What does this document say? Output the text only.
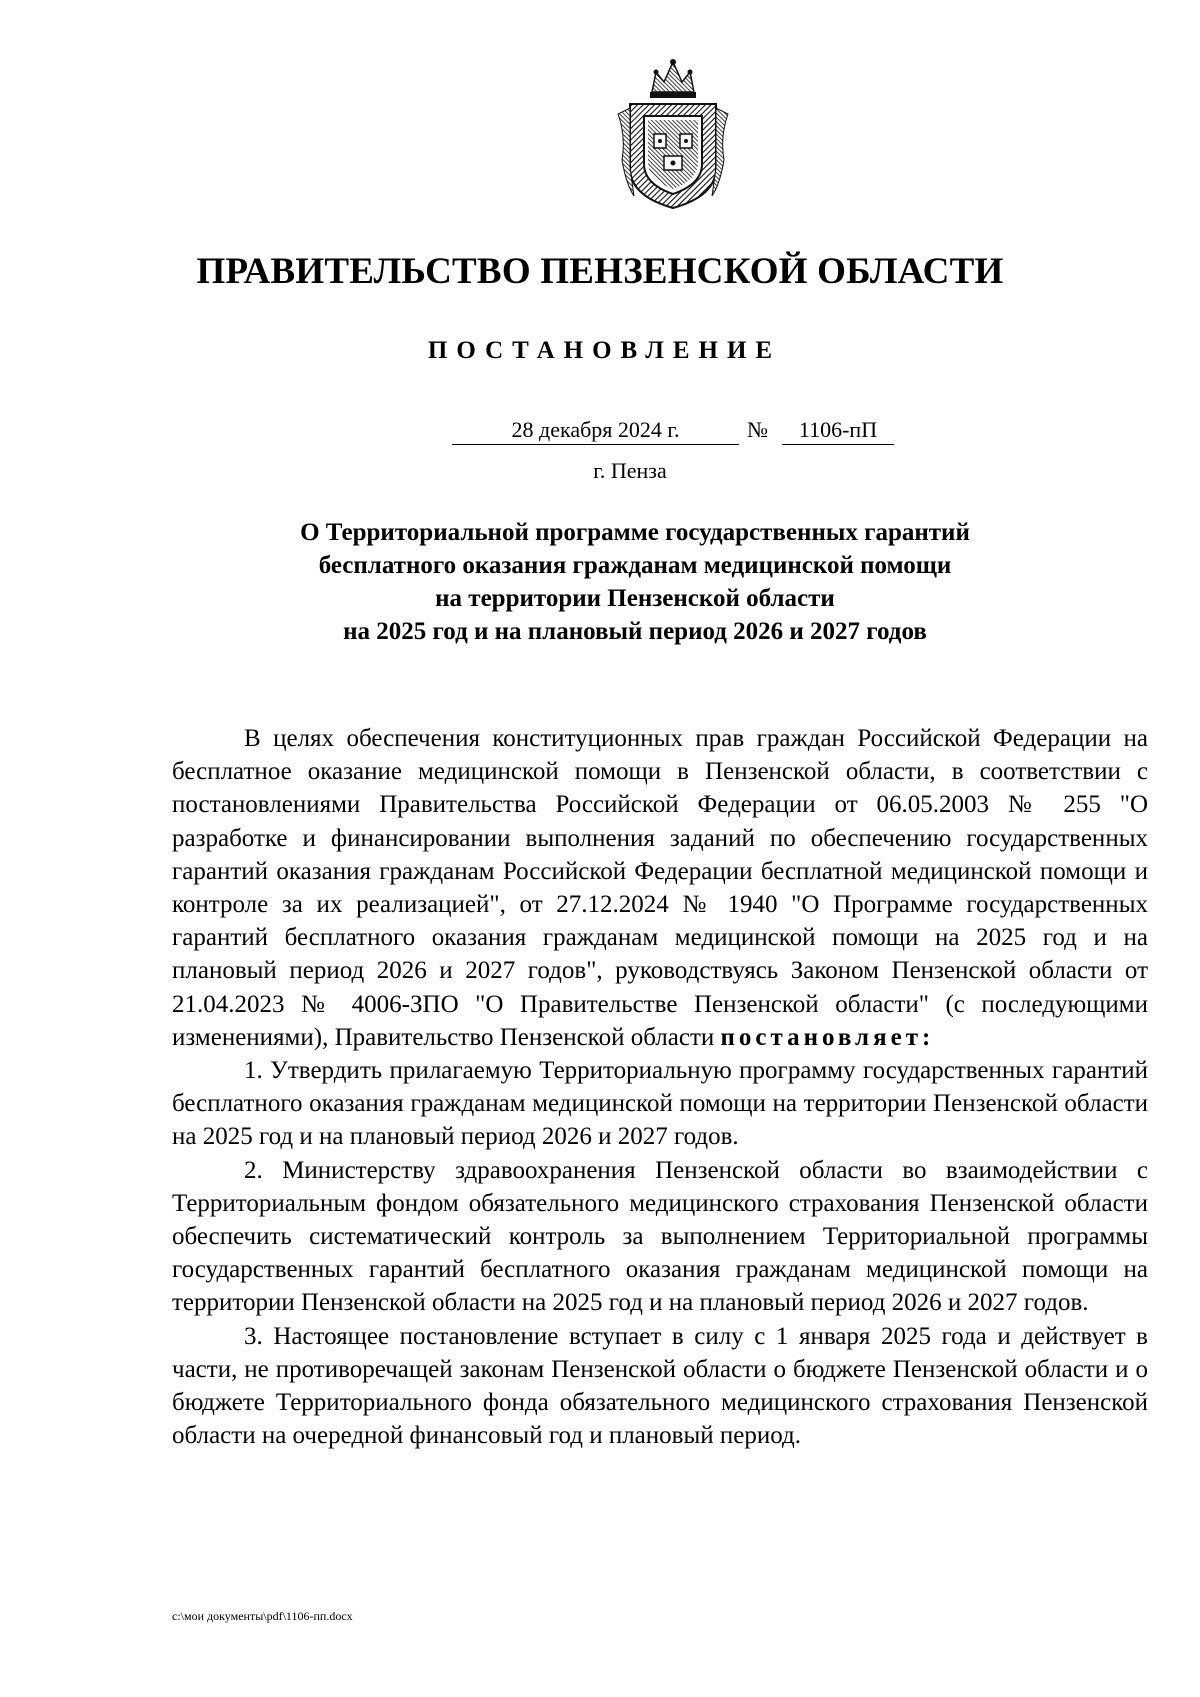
ПРАВИТЕЛЬСТВО ПЕНЗЕНСКОЙ ОБЛАСТИ
ПОСТАНОВЛЕНИЕ
28 декабря 2024 г.	№	1106-пП
г. Пенза
О Территориальной программе государственных гарантий
бесплатного оказания гражданам медицинской помощи
на территории Пензенской области
на 2025 год и на плановый период 2026 и 2027 годов

В целях обеспечения конституционных прав граждан Российской Федерации на бесплатное оказание медицинской помощи в Пензенской области, в соответствии с постановлениями Правительства Российской Федерации от 06.05.2003 № 255 "О разработке и финансировании выполнения заданий по обеспечению государственных гарантий оказания гражданам Российской Федерации бесплатной медицинской помощи и контроле за их реализацией", от 27.12.2024 № 1940 "О Программе государственных гарантий бесплатного оказания гражданам медицинской помощи на 2025 год и на плановый период 2026 и 2027 годов", руководствуясь Законом Пензенской области от 21.04.2023 № 4006-ЗПО "О Правительстве Пензенской области" (с последующими изменениями), Правительство Пензенской области постановляет:

1. Утвердить прилагаемую Территориальную программу государственных гарантий бесплатного оказания гражданам медицинской помощи на территории Пензенской области на 2025 год и на плановый период 2026 и 2027 годов.

2. Министерству здравоохранения Пензенской области во взаимодействии с Территориальным фондом обязательного медицинского страхования Пензенской области обеспечить систематический контроль за выполнением Территориальной программы государственных гарантий бесплатного оказания гражданам медицинской помощи на территории Пензенской области на 2025 год и на плановый период 2026 и 2027 годов.

3. Настоящее постановление вступает в силу с 1 января 2025 года и действует в части, не противоречащей законам Пензенской области о бюджете Пензенской области и о бюджете Территориального фонда обязательного медицинского страхования Пензенской области на очередной финансовый год и плановый период.

c:\мои документы\pdf\1106-пп.docx
